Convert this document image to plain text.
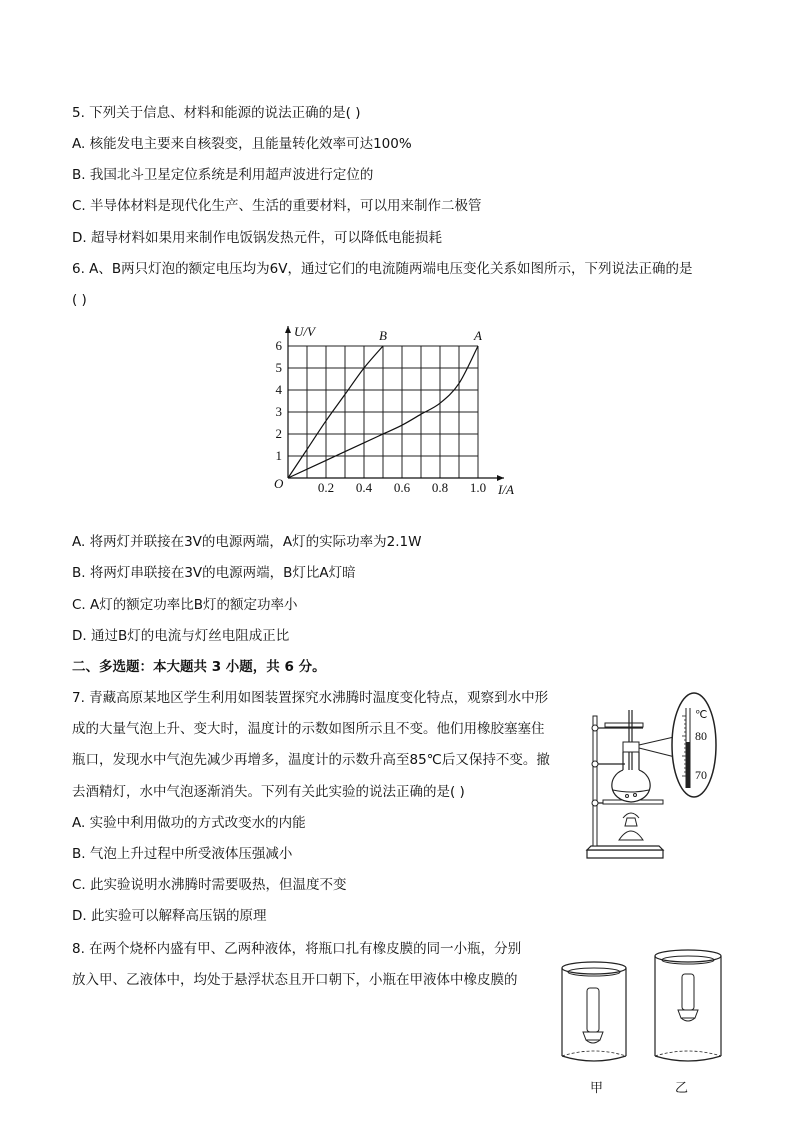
5. 下列关于信息、材料和能源的说法正确的是( )
A. 核能发电主要来自核裂变，且能量转化效率可达100%
B. 我国北斗卫星定位系统是利用超声波进行定位的
C. 半导体材料是现代化生产、生活的重要材料，可以用来制作二极管
D. 超导材料如果用来制作电饭锅发热元件，可以降低电能损耗
6. A、B两只灯泡的额定电压均为6V，通过它们的电流随两端电压变化关系如图所示，下列说法正确的是
( )
B	A
0.2 0.4 0.6 0.8 1.0
1
2
3
4
5
6
O
U/V
I/A
A. 将两灯并联接在3V的电源两端，A灯的实际功率为2.1W
B. 将两灯串联接在3V的电源两端，B灯比A灯暗
C. A灯的额定功率比B灯的额定功率小
D. 通过B灯的电流与灯丝电阻成正比
二、多选题：本大题共 3 小题，共 6 分。
7. 青藏高原某地区学生利用如图装置探究水沸腾时温度变化特点，观察到水中形
成的大量气泡上升、变大时，温度计的示数如图所示且不变。他们用橡胶塞塞住
瓶口，发现水中气泡先减少再增多，温度计的示数升高至85℃后又保持不变。撤
去酒精灯，水中气泡逐渐消失。下列有关此实验的说法正确的是( )
A. 实验中利用做功的方式改变水的内能
B. 气泡上升过程中所受液体压强减小
C. 此实验说明水沸腾时需要吸热，但温度不变
D. 此实验可以解释高压锅的原理
℃
80
70
8. 在两个烧杯内盛有甲、乙两种液体，将瓶口扎有橡皮膜的同一小瓶，分别
放入甲、乙液体中，均处于悬浮状态且开口朝下，小瓶在甲液体中橡皮膜的
甲	乙
